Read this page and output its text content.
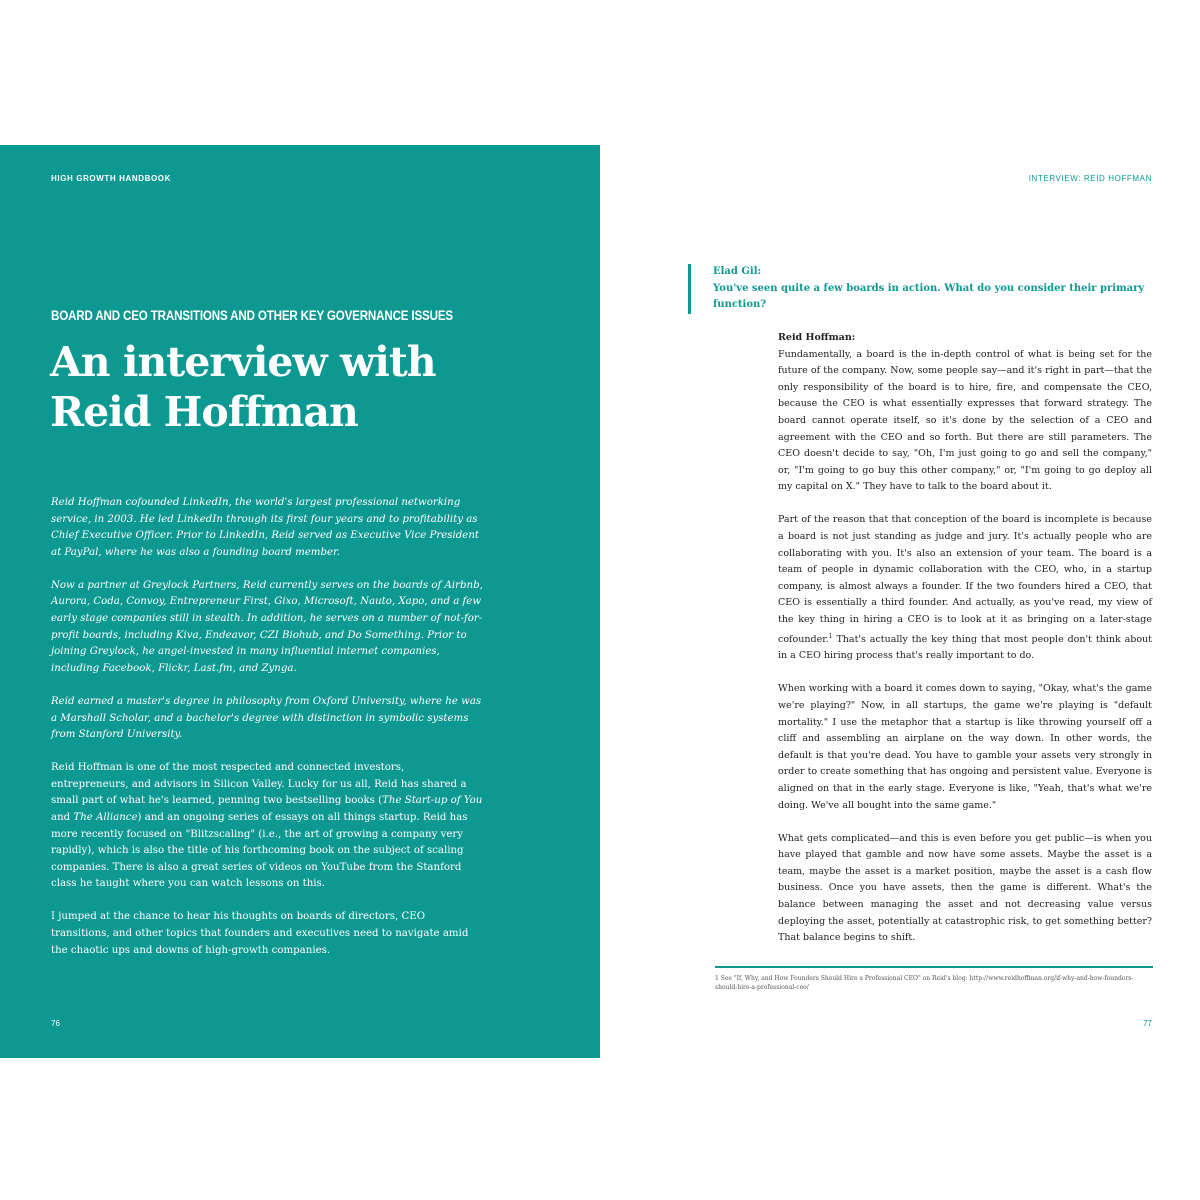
HIGH GROWTH HANDBOOK
BOARD AND CEO TRANSITIONS AND OTHER KEY GOVERNANCE ISSUES
An interview with
Reid Hoffman

Reid Hoffman cofounded LinkedIn, the world's largest professional networking service, in 2003. He led LinkedIn through its first four years and to profitability as Chief Executive Officer. Prior to LinkedIn, Reid served as Executive Vice President at PayPal, where he was also a founding board member.

Now a partner at Greylock Partners, Reid currently serves on the boards of Airbnb, Aurora, Coda, Convoy, Entrepreneur First, Gixo, Microsoft, Nauto, Xapo, and a few early stage companies still in stealth. In addition, he serves on a number of not-for-profit boards, including Kiva, Endeavor, CZI Biohub, and Do Something. Prior to joining Greylock, he angel-invested in many influential internet companies, including Facebook, Flickr, Last.fm, and Zynga.

Reid earned a master's degree in philosophy from Oxford University, where he was a Marshall Scholar, and a bachelor's degree with distinction in symbolic systems from Stanford University.

Reid Hoffman is one of the most respected and connected investors, entrepreneurs, and advisors in Silicon Valley. Lucky for us all, Reid has shared a small part of what he's learned, penning two bestselling books (The Start-up of You and The Alliance) and an ongoing series of essays on all things startup. Reid has more recently focused on "Blitzscaling" (i.e., the art of growing a company very rapidly), which is also the title of his forthcoming book on the subject of scaling companies. There is also a great series of videos on YouTube from the Stanford class he taught where you can watch lessons on this.

I jumped at the chance to hear his thoughts on boards of directors, CEO transitions, and other topics that founders and executives need to navigate amid the chaotic ups and downs of high-growth companies.

76
INTERVIEW: REID HOFFMAN
Elad Gil:
You've seen quite a few boards in action. What do you consider their primary function?
Reid Hoffman:

Fundamentally, a board is the in-depth control of what is being set for the future of the company. Now, some people say—and it's right in part—that the only responsibility of the board is to hire, fire, and compensate the CEO, because the CEO is what essentially expresses that forward strategy. The board cannot operate itself, so it's done by the selection of a CEO and agreement with the CEO and so forth. But there are still parameters. The CEO doesn't decide to say, "Oh, I'm just going to go and sell the company," or, "I'm going to go buy this other company," or, "I'm going to go deploy all my capital on X." They have to talk to the board about it.

Part of the reason that that conception of the board is incomplete is because a board is not just standing as judge and jury. It's actually people who are collaborating with you. It's also an extension of your team. The board is a team of people in dynamic collaboration with the CEO, who, in a startup company, is almost always a founder. If the two founders hired a CEO, that CEO is essentially a third founder. And actually, as you've read, my view of the key thing in hiring a CEO is to look at it as bringing on a later-stage cofounder.$^1$ That's actually the key thing that most people don't think about in a CEO hiring process that's really important to do.

When working with a board it comes down to saying, "Okay, what's the game we're playing?" Now, in all startups, the game we're playing is "default mortality." I use the metaphor that a startup is like throwing yourself off a cliff and assembling an airplane on the way down. In other words, the default is that you're dead. You have to gamble your assets very strongly in order to create something that has ongoing and persistent value. Everyone is aligned on that in the early stage. Everyone is like, "Yeah, that's what we're doing. We've all bought into the same game."

What gets complicated—and this is even before you get public—is when you have played that gamble and now have some assets. Maybe the asset is a team, maybe the asset is a market position, maybe the asset is a cash flow business. Once you have assets, then the game is different. What's the balance between managing the asset and not decreasing value versus deploying the asset, potentially at catastrophic risk, to get something better? That balance begins to shift.

1 See "If, Why, and How Founders Should Hire a Professional CEO" on Reid's blog: http://www.reidhoffman.org/if-why-and-how-founders-should-hire-a-professional-ceo/
77
